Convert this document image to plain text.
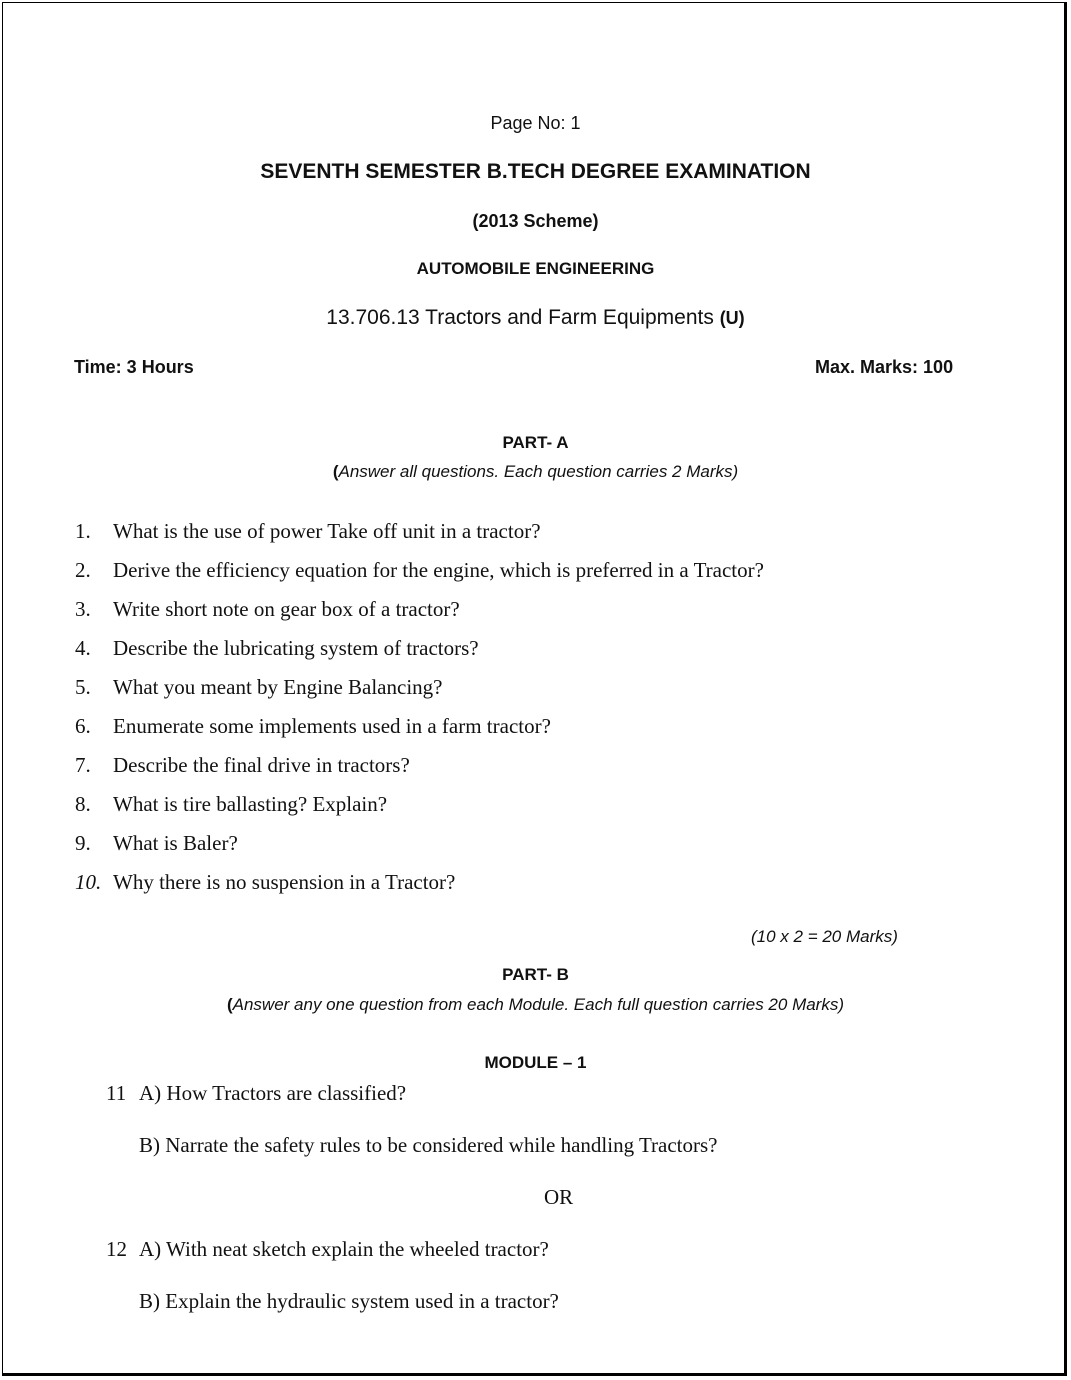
Page No: 1
SEVENTH SEMESTER B.TECH DEGREE EXAMINATION
(2013 Scheme)
AUTOMOBILE ENGINEERING
13.706.13 Tractors and Farm Equipments (U)
Time: 3 Hours	Max. Marks: 100
PART- A
(Answer all questions. Each question carries 2 Marks)
1. What is the use of power Take off unit in a tractor?
2. Derive the efficiency equation for the engine, which is preferred in a Tractor?
3. Write short note on gear box of a tractor?
4. Describe the lubricating system of tractors?
5. What you meant by Engine Balancing?
6. Enumerate some implements used in a farm tractor?
7. Describe the final drive in tractors?
8. What is tire ballasting? Explain?
9. What is Baler?
10. Why there is no suspension in a Tractor?
(10 x 2 = 20 Marks)
PART- B
(Answer any one question from each Module. Each full question carries 20 Marks)
MODULE – 1
11 A) How Tractors are classified?
B) Narrate the safety rules to be considered while handling Tractors?
OR
12 A) With neat sketch explain the wheeled tractor?
B) Explain the hydraulic system used in a tractor?
